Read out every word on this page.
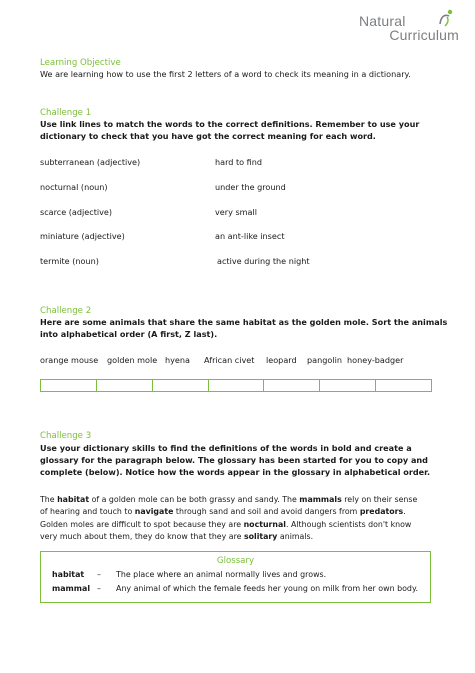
Natural
Curriculum
Learning Objective
We are learning how to use the first 2 letters of a word to check its meaning in a dictionary.
Challenge 1
Use link lines to match the words to the correct definitions. Remember to use your
dictionary to check that you have got the correct meaning for each word.
subterranean (adjective)	hard to find
nocturnal (noun)	under the ground
scarce (adjective)	very small
miniature (adjective)	an ant-like insect
termite (noun)	active during the night
Challenge 2
Here are some animals that share the same habitat as the golden mole. Sort the animals
into alphabetical order (A first, Z last).
orange mouse golden mole hyena African civet leopard pangolin honey-badger
Challenge 3
Use your dictionary skills to find the definitions of the words in bold and create a
glossary for the paragraph below. The glossary has been started for you to copy and
complete (below). Notice how the words appear in the glossary in alphabetical order.
The habitat of a golden mole can be both grassy and sandy. The mammals rely on their sense
of hearing and touch to navigate through sand and soil and avoid dangers from predators.
Golden moles are difficult to spot because they are nocturnal. Although scientists don't know
very much about them, they do know that they are solitary animals.
Glossary
habitat – The place where an animal normally lives and grows.
mammal – Any animal of which the female feeds her young on milk from her own body.
